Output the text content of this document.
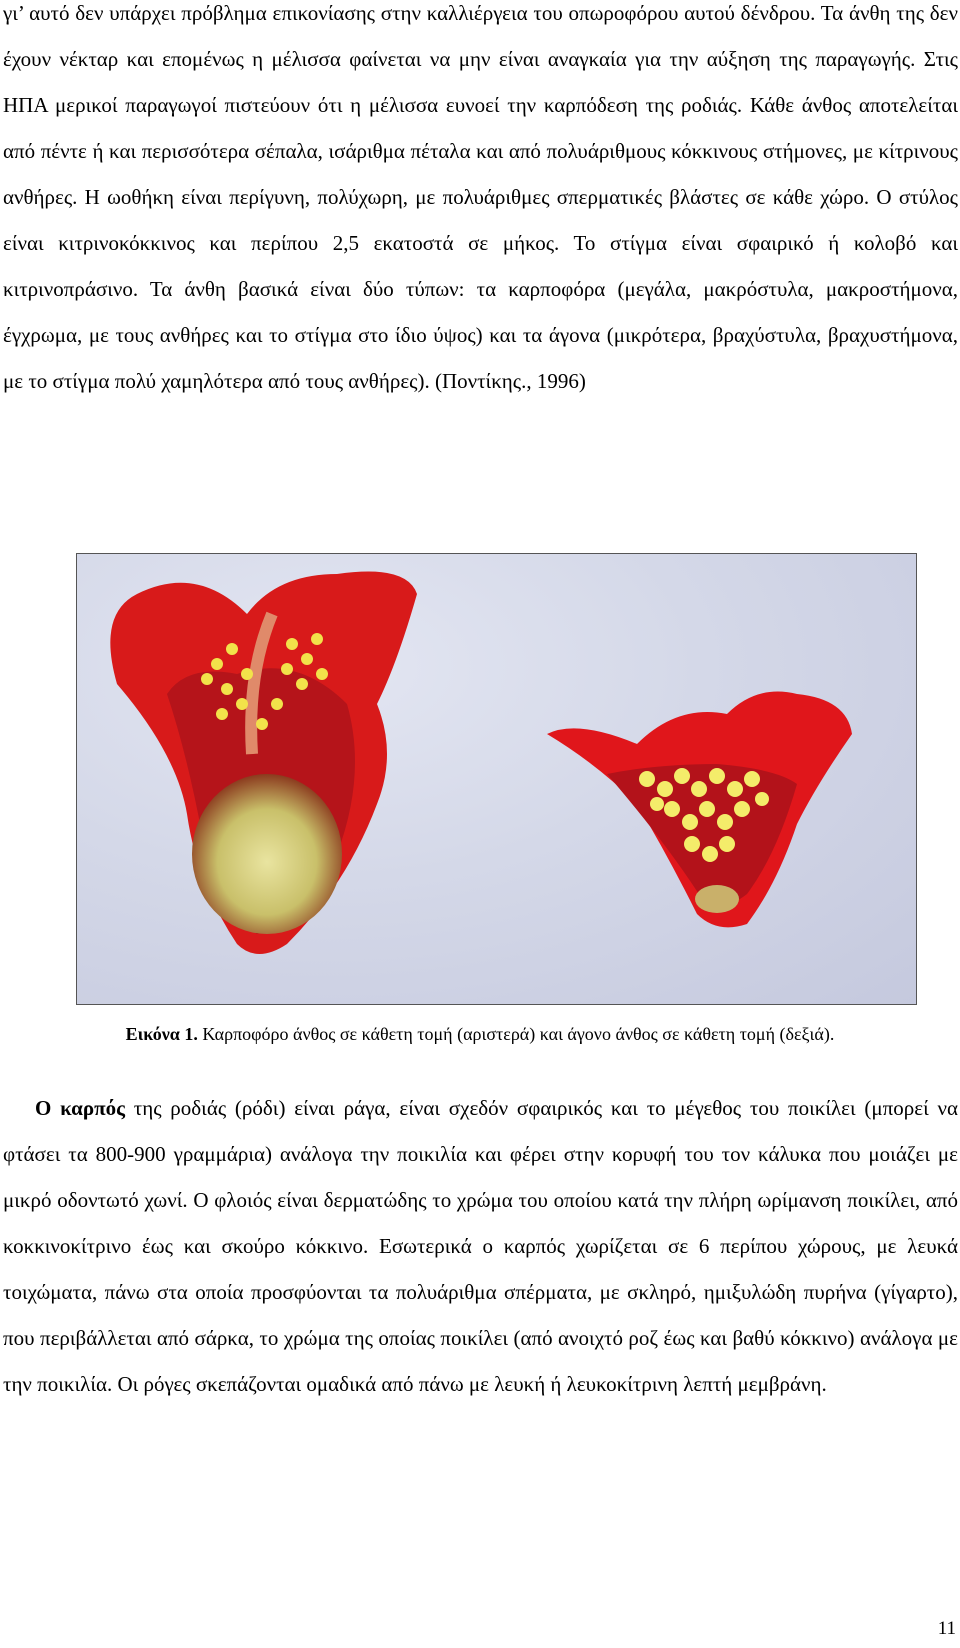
γι’ αυτό δεν υπάρχει πρόβλημα επικονίασης στην καλλιέργεια του οπωροφόρου αυτού δένδρου. Τα άνθη της δεν έχουν νέκταρ και επομένως η μέλισσα φαίνεται να μην είναι αναγκαία για την αύξηση της παραγωγής. Στις ΗΠΑ μερικοί παραγωγοί πιστεύουν ότι η μέλισσα ευνοεί την καρπόδεση της ροδιάς. Κάθε άνθος αποτελείται από πέντε ή και περισσότερα σέπαλα, ισάριθμα πέταλα και από πολυάριθμους κόκκινους στήμονες, με κίτρινους ανθήρες. Η ωοθήκη είναι περίγυνη, πολύχωρη, με πολυάριθμες σπερματικές βλάστες σε κάθε χώρο. Ο στύλος είναι κιτρινοκόκκινος και περίπου 2,5 εκατοστά σε μήκος. Το στίγμα είναι σφαιρικό ή κολοβό και κιτρινοπράσινο. Τα άνθη βασικά είναι δύο τύπων: τα καρποφόρα (μεγάλα, μακρόστυλα, μακροστήμονα, έγχρωμα, με τους ανθήρες και το στίγμα στο ίδιο ύψος) και τα άγονα (μικρότερα, βραχύστυλα, βραχυστήμονα, με το στίγμα πολύ χαμηλότερα από τους ανθήρες). (Ποντίκης., 1996)

Εικόνα 1. Καρποφόρο άνθος σε κάθετη τομή (αριστερά) και άγονο άνθος σε κάθετη τομή (δεξιά).

Ο καρπός της ροδιάς (ρόδι) είναι ράγα, είναι σχεδόν σφαιρικός και το μέγεθος του ποικίλει (μπορεί να φτάσει τα 800-900 γραμμάρια) ανάλογα την ποικιλία και φέρει στην κορυφή του τον κάλυκα που μοιάζει με μικρό οδοντωτό χωνί. Ο φλοιός είναι δερματώδης το χρώμα του οποίου κατά την πλήρη ωρίμανση ποικίλει, από κοκκινοκίτρινο έως και σκούρο κόκκινο. Εσωτερικά ο καρπός χωρίζεται σε 6 περίπου χώρους, με λευκά τοιχώματα, πάνω στα οποία προσφύονται τα πολυάριθμα σπέρματα, με σκληρό, ημιξυλώδη πυρήνα (γίγαρτο), που περιβάλλεται από σάρκα, το χρώμα της οποίας ποικίλει (από ανοιχτό ροζ έως και βαθύ κόκκινο) ανάλογα με την ποικιλία. Οι ρόγες σκεπάζονται ομαδικά από πάνω με λευκή ή λευκοκίτρινη λεπτή μεμβράνη.

11
